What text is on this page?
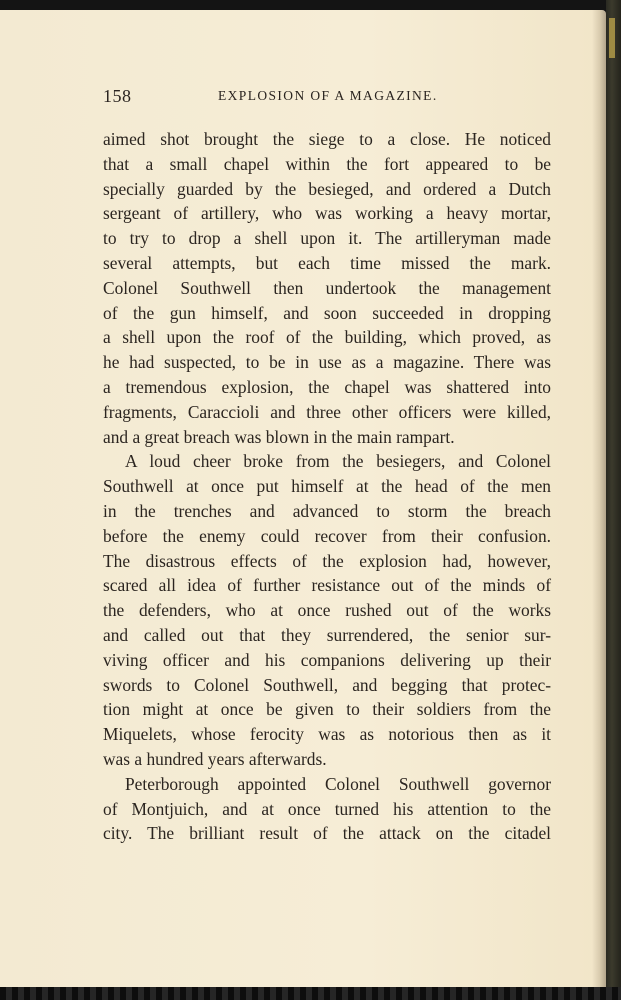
158	EXPLOSION OF A MAGAZINE.
aimed shot brought the siege to a close. He noticed
that a small chapel within the fort appeared to be
specially guarded by the besieged, and ordered a Dutch
sergeant of artillery, who was working a heavy mortar,
to try to drop a shell upon it. The artilleryman made
several attempts, but each time missed the mark.
Colonel Southwell then undertook the management
of the gun himself, and soon succeeded in dropping
a shell upon the roof of the building, which proved, as
he had suspected, to be in use as a magazine. There was
a tremendous explosion, the chapel was shattered into
fragments, Caraccioli and three other officers were killed,
and a great breach was blown in the main rampart.
A loud cheer broke from the besiegers, and Colonel
Southwell at once put himself at the head of the men
in the trenches and advanced to storm the breach
before the enemy could recover from their confusion.
The disastrous effects of the explosion had, however,
scared all idea of further resistance out of the minds of
the defenders, who at once rushed out of the works
and called out that they surrendered, the senior sur-
viving officer and his companions delivering up their
swords to Colonel Southwell, and begging that protec-
tion might at once be given to their soldiers from the
Miquelets, whose ferocity was as notorious then as it
was a hundred years afterwards.
Peterborough appointed Colonel Southwell governor
of Montjuich, and at once turned his attention to the
city. The brilliant result of the attack on the citadel
